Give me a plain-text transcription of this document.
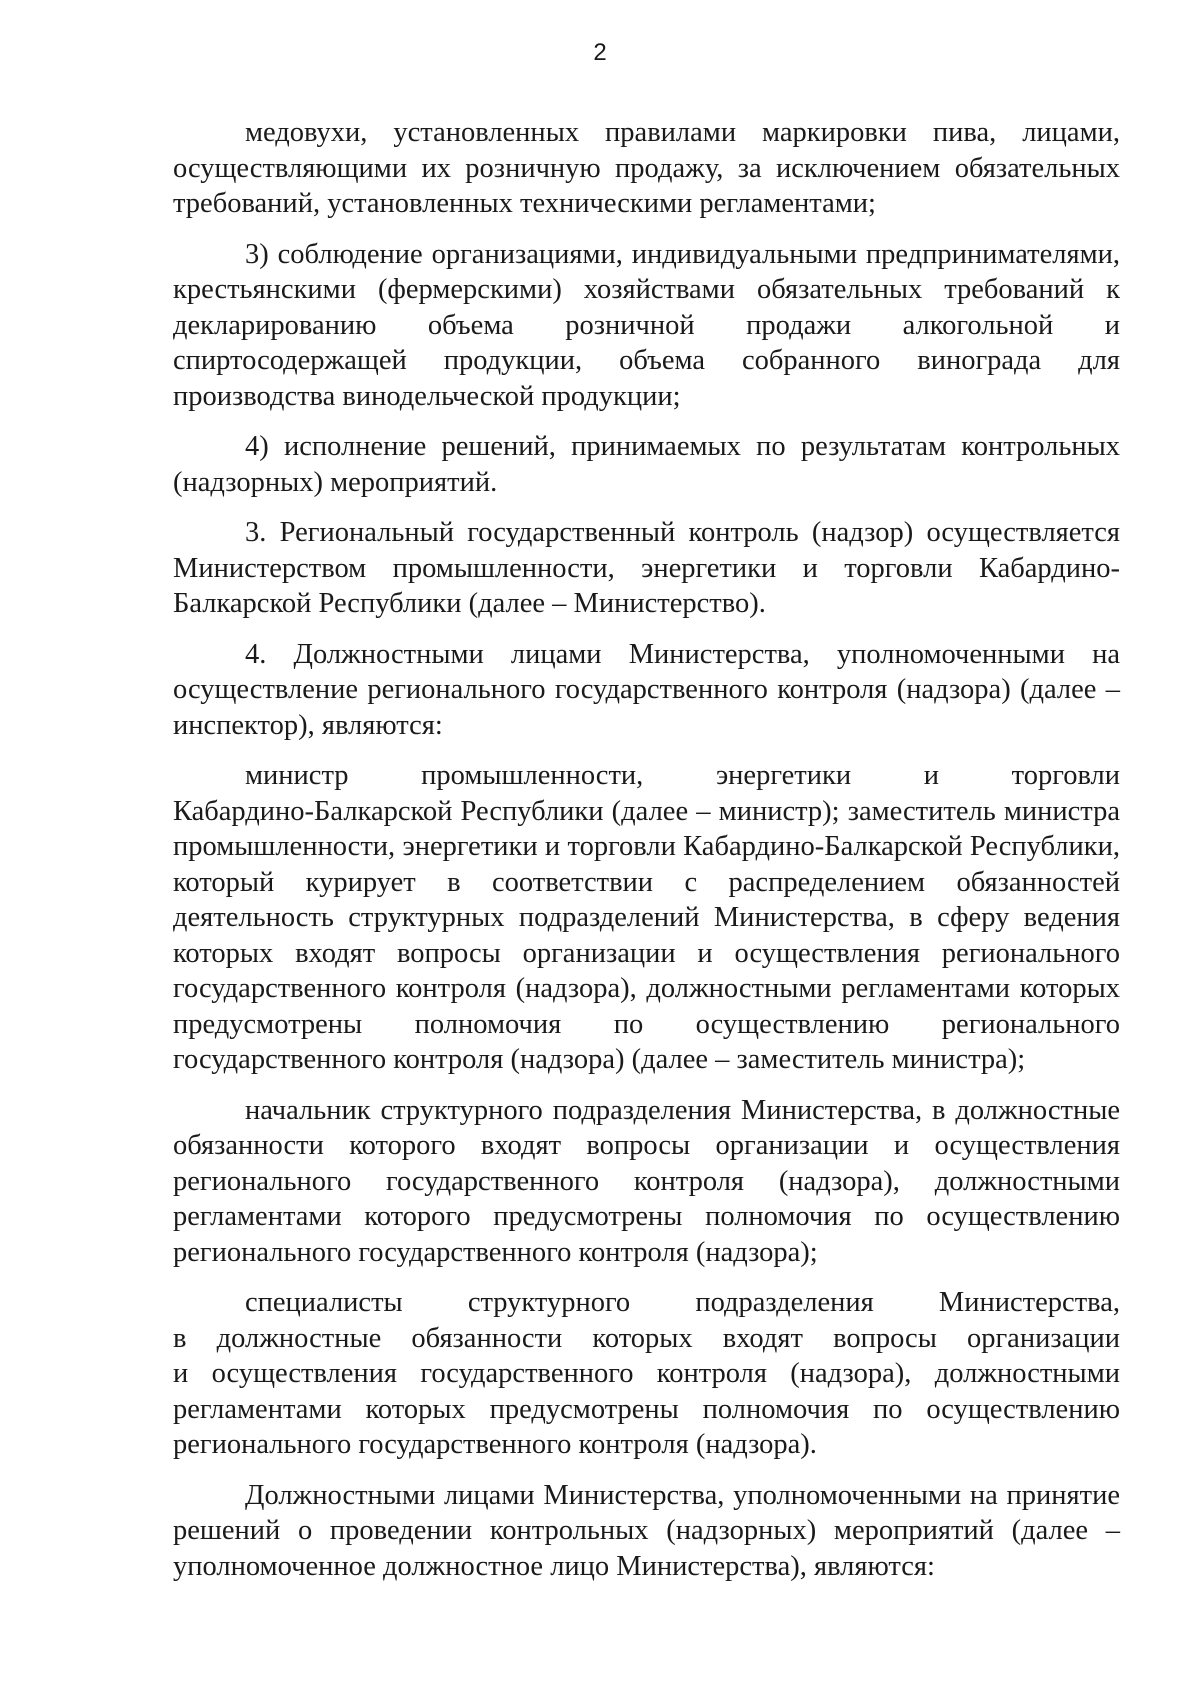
2
медовухи, установленных правилами маркировки пива, лицами,
осуществляющими их розничную продажу, за исключением обязательных
требований, установленных техническими регламентами;
3) соблюдение организациями, индивидуальными предпринимателями,
крестьянскими (фермерскими) хозяйствами обязательных требований к
декларированию объема розничной продажи алкогольной и
спиртосодержащей продукции, объема собранного винограда для
производства винодельческой продукции;
4) исполнение решений, принимаемых по результатам контрольных
(надзорных) мероприятий.
3. Региональный государственный контроль (надзор) осуществляется
Министерством промышленности, энергетики и торговли Кабардино-
Балкарской Республики (далее – Министерство).
4. Должностными лицами Министерства, уполномоченными на
осуществление регионального государственного контроля (надзора) (далее –
инспектор), являются:
министр промышленности, энергетики и торговли
Кабардино-Балкарской Республики (далее – министр); заместитель министра
промышленности, энергетики и торговли Кабардино-Балкарской Республики,
который курирует в соответствии с распределением обязанностей
деятельность структурных подразделений Министерства, в сферу ведения
которых входят вопросы организации и осуществления регионального
государственного контроля (надзора), должностными регламентами которых
предусмотрены полномочия по осуществлению регионального
государственного контроля (надзора) (далее – заместитель министра);
начальник структурного подразделения Министерства, в должностные
обязанности которого входят вопросы организации и осуществления
регионального государственного контроля (надзора), должностными
регламентами которого предусмотрены полномочия по осуществлению
регионального государственного контроля (надзора);
специалисты структурного подразделения Министерства,
в должностные обязанности которых входят вопросы организации
и осуществления государственного контроля (надзора), должностными
регламентами которых предусмотрены полномочия по осуществлению
регионального государственного контроля (надзора).
Должностными лицами Министерства, уполномоченными на принятие
решений о проведении контрольных (надзорных) мероприятий (далее –
уполномоченное должностное лицо Министерства), являются:
